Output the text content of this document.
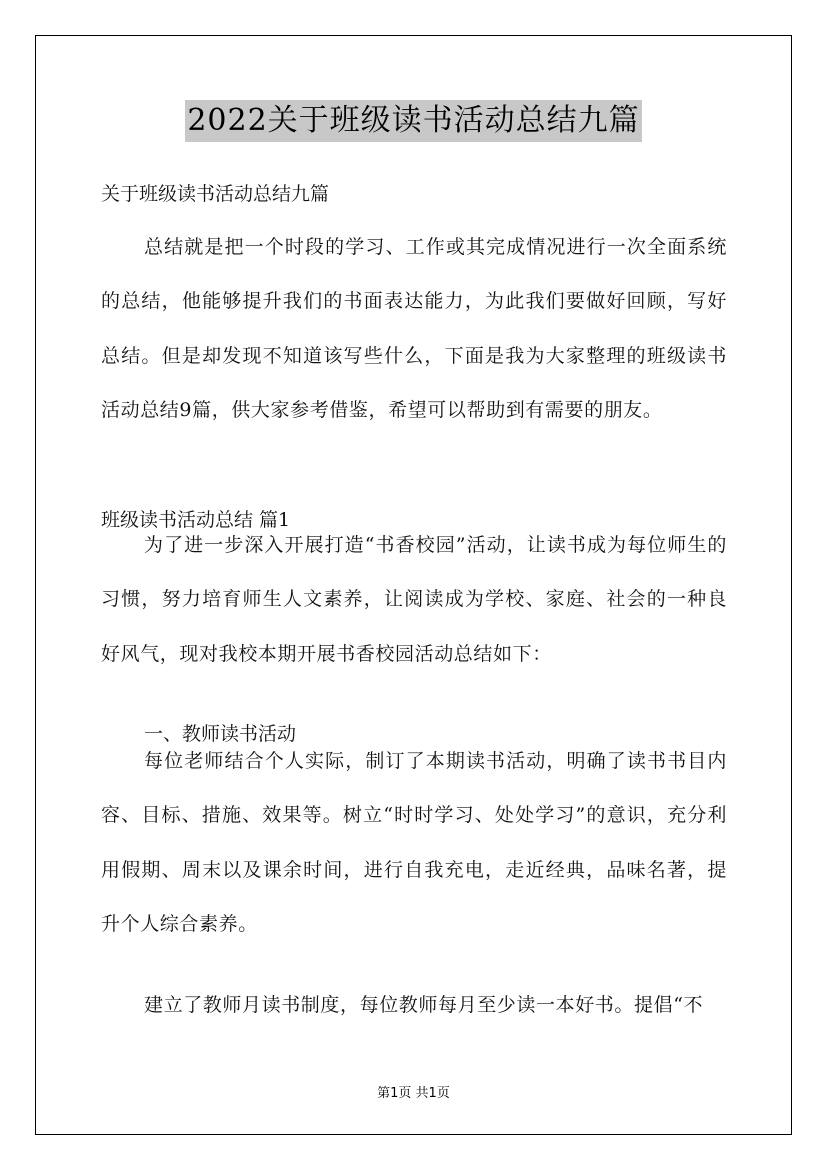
2022关于班级读书活动总结九篇
关于班级读书活动总结九篇
总结就是把一个时段的学习、工作或其完成情况进行一次全面系统的总结，他能够提升我们的书面表达能力，为此我们要做好回顾，写好总结。但是却发现不知道该写些什么，下面是我为大家整理的班级读书活动总结9篇，供大家参考借鉴，希望可以帮助到有需要的朋友。
班级读书活动总结 篇1
为了进一步深入开展打造“书香校园”活动，让读书成为每位师生的习惯，努力培育师生人文素养，让阅读成为学校、家庭、社会的一种良好风气，现对我校本期开展书香校园活动总结如下：
一、教师读书活动
每位老师结合个人实际，制订了本期读书活动，明确了读书书目内容、目标、措施、效果等。树立“时时学习、处处学习”的意识，充分利用假期、周末以及课余时间，进行自我充电，走近经典，品味名著，提升个人综合素养。
建立了教师月读书制度，每位教师每月至少读一本好书。提倡“不
第1页 共1页
